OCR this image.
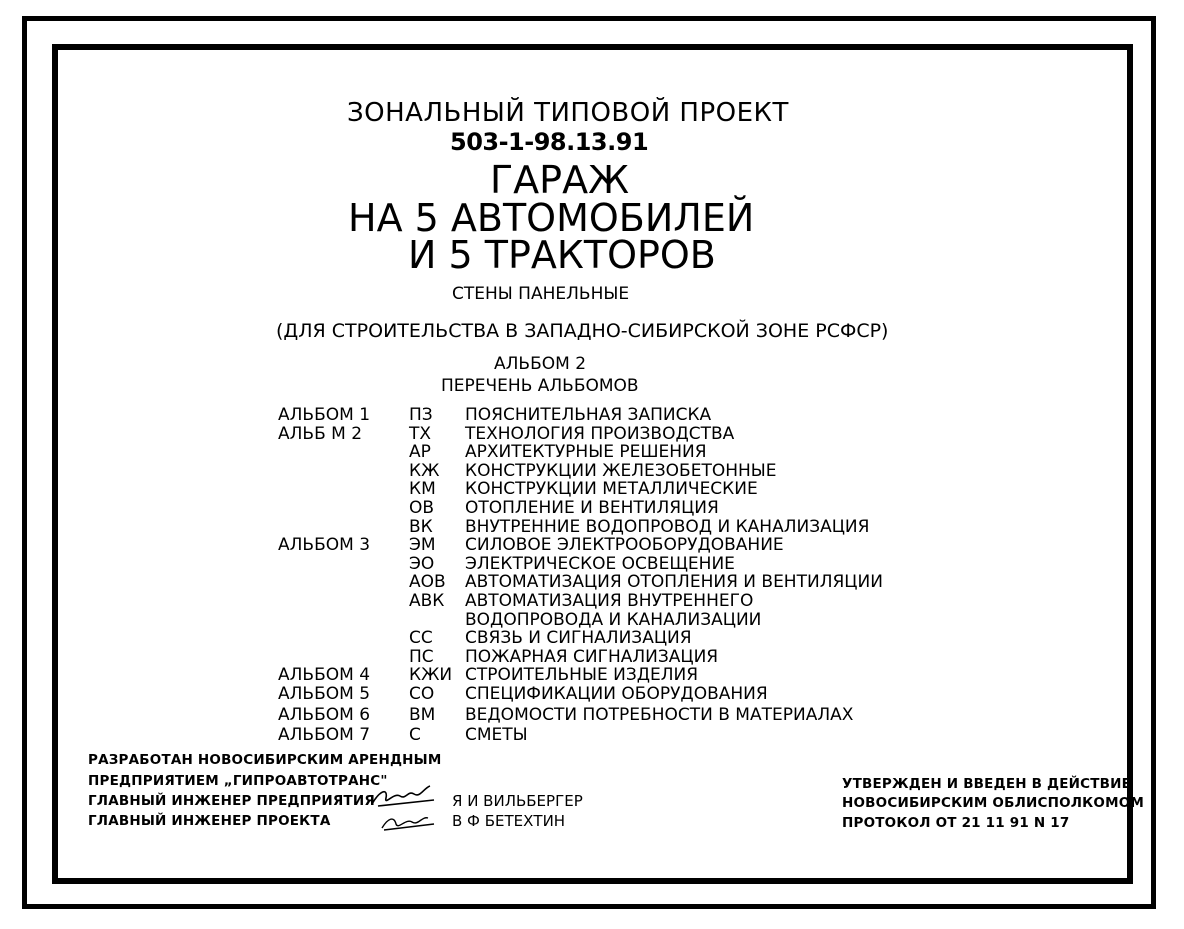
ЗОНАЛЬНЫЙ ТИПОВОЙ ПРОЕКТ
503-1-98.13.91
ГАРАЖ
НА 5 АВТОМОБИЛЕЙ
И 5 ТРАКТОРОВ
СТЕНЫ ПАНЕЛЬНЫЕ
(ДЛЯ СТРОИТЕЛЬСТВА В ЗАПАДНО-СИБИРСКОЙ ЗОНЕ РСФСР)
АЛЬБОМ 2
ПЕРЕЧЕНЬ АЛЬБОМОВ
АЛЬБОМ 1 ПЗ ПОЯСНИТЕЛЬНАЯ ЗАПИСКА
АЛЬБ М 2	ТХ ТЕХНОЛОГИЯ ПРОИЗВОДСТВА
АР АРХИТЕКТУРНЫЕ РЕШЕНИЯ
КЖ КОНСТРУКЦИИ ЖЕЛЕЗОБЕТОННЫЕ
КМ КОНСТРУКЦИИ МЕТАЛЛИЧЕСКИЕ
ОВ ОТОПЛЕНИЕ И ВЕНТИЛЯЦИЯ
ВК ВНУТРЕННИЕ ВОДОПРОВОД И КАНАЛИЗАЦИЯ
АЛЬБОМ 3 ЭМ СИЛОВОЕ ЭЛЕКТРООБОРУДОВАНИЕ
ЭО ЭЛЕКТРИЧЕСКОЕ ОСВЕЩЕНИЕ
АОВ АВТОМАТИЗАЦИЯ ОТОПЛЕНИЯ И ВЕНТИЛЯЦИИ
АВК АВТОМАТИЗАЦИЯ ВНУТРЕННЕГО
ВОДОПРОВОДА И КАНАЛИЗАЦИИ
СС СВЯЗЬ И СИГНАЛИЗАЦИЯ
ПС ПОЖАРНАЯ СИГНАЛИЗАЦИЯ
АЛЬБОМ 4 КЖИ СТРОИТЕЛЬНЫЕ ИЗДЕЛИЯ
АЛЬБОМ 5 СО СПЕЦИФИКАЦИИ ОБОРУДОВАНИЯ
АЛЬБОМ 6 ВМ ВЕДОМОСТИ ПОТРЕБНОСТИ В МАТЕРИАЛАХ
АЛЬБОМ 7 С	СМЕТЫ
РАЗРАБОТАН НОВОСИБИРСКИМ АРЕНДНЫМ
ПРЕДПРИЯТИЕМ „ГИПРОАВТОТРАНС"
ГЛАВНЫЙ ИНЖЕНЕР ПРЕДПРИЯТИЯ
ГЛАВНЫЙ ИНЖЕНЕР ПРОЕКТА
Я И ВИЛЬБЕРГЕР
В Ф БЕТЕХТИН
УТВЕРЖДЕН И ВВЕДЕН В ДЕЙСТВИЕ
НОВОСИБИРСКИМ ОБЛИСПОЛКОМОМ
ПРОТОКОЛ ОТ 21 11 91 N 17
